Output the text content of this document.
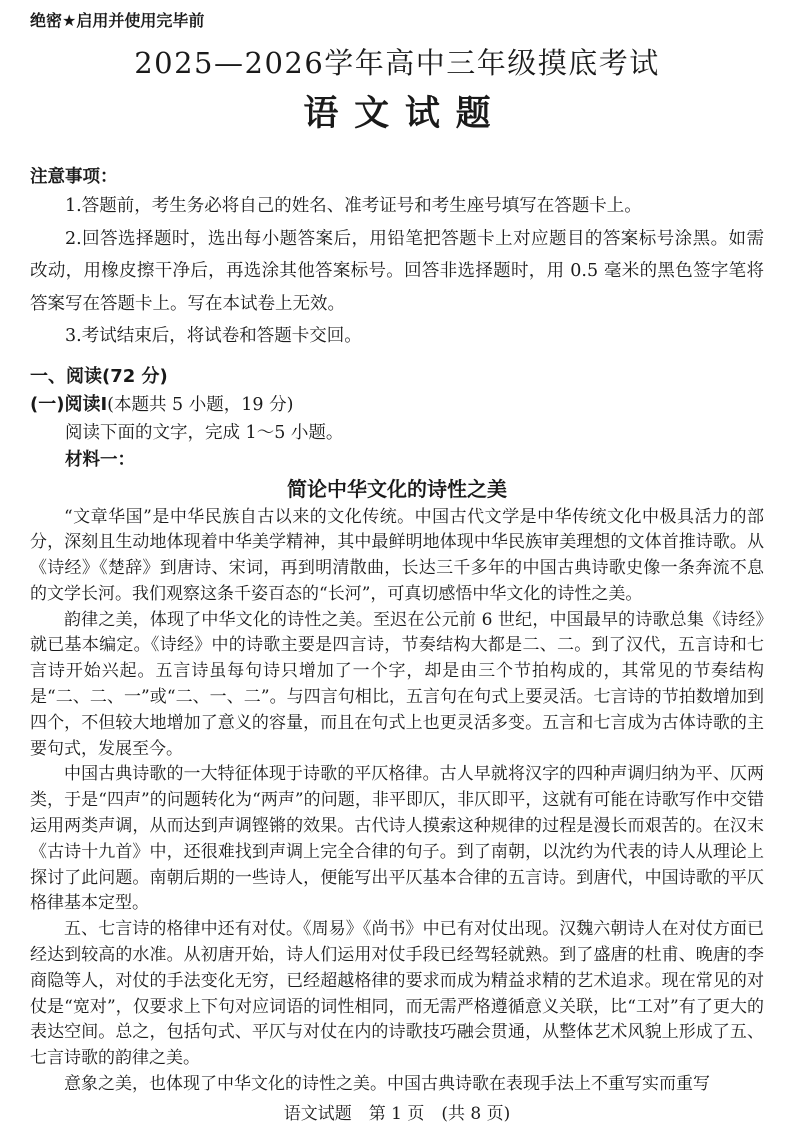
绝密★启用并使用完毕前
2025—2026学年高中三年级摸底考试
语文试题
注意事项：

1.答题前，考生务必将自己的姓名、准考证号和考生座号填写在答题卡上。

2.回答选择题时，选出每小题答案后，用铅笔把答题卡上对应题目的答案标号涂黑。如需改动，用橡皮擦干净后，再选涂其他答案标号。回答非选择题时，用 0.5 毫米的黑色签字笔将答案写在答题卡上。写在本试卷上无效。

3.考试结束后，将试卷和答题卡交回。

一、阅读(72 分)
(一)阅读Ⅰ(本题共 5 小题，19 分)

阅读下面的文字，完成 1～5 小题。

材料一：

简论中华文化的诗性之美

“文章华国”是中华民族自古以来的文化传统。中国古代文学是中华传统文化中极具活力的部分，深刻且生动地体现着中华美学精神，其中最鲜明地体现中华民族审美理想的文体首推诗歌。从《诗经》《楚辞》到唐诗、宋词，再到明清散曲，长达三千多年的中国古典诗歌史像一条奔流不息的文学长河。我们观察这条千姿百态的“长河”，可真切感悟中华文化的诗性之美。

韵律之美，体现了中华文化的诗性之美。至迟在公元前 6 世纪，中国最早的诗歌总集《诗经》就已基本编定。《诗经》中的诗歌主要是四言诗，节奏结构大都是二、二。到了汉代，五言诗和七言诗开始兴起。五言诗虽每句诗只增加了一个字，却是由三个节拍构成的，其常见的节奏结构是“二、二、一”或“二、一、二”。与四言句相比，五言句在句式上要灵活。七言诗的节拍数增加到四个，不但较大地增加了意义的容量，而且在句式上也更灵活多变。五言和七言成为古体诗歌的主要句式，发展至今。

中国古典诗歌的一大特征体现于诗歌的平仄格律。古人早就将汉字的四种声调归纳为平、仄两类，于是“四声”的问题转化为“两声”的问题，非平即仄，非仄即平，这就有可能在诗歌写作中交错运用两类声调，从而达到声调铿锵的效果。古代诗人摸索这种规律的过程是漫长而艰苦的。在汉末《古诗十九首》中，还很难找到声调上完全合律的句子。到了南朝，以沈约为代表的诗人从理论上探讨了此问题。南朝后期的一些诗人，便能写出平仄基本合律的五言诗。到唐代，中国诗歌的平仄格律基本定型。

五、七言诗的格律中还有对仗。《周易》《尚书》中已有对仗出现。汉魏六朝诗人在对仗方面已经达到较高的水准。从初唐开始，诗人们运用对仗手段已经驾轻就熟。到了盛唐的杜甫、晚唐的李商隐等人，对仗的手法变化无穷，已经超越格律的要求而成为精益求精的艺术追求。现在常见的对仗是“宽对”，仅要求上下句对应词语的词性相同，而无需严格遵循意义关联，比“工对”有了更大的表达空间。总之，包括句式、平仄与对仗在内的诗歌技巧融会贯通，从整体艺术风貌上形成了五、七言诗歌的韵律之美。

意象之美，也体现了中华文化的诗性之美。中国古典诗歌在表现手法上不重写实而重写

语文试题　第 1 页　(共 8 页)
